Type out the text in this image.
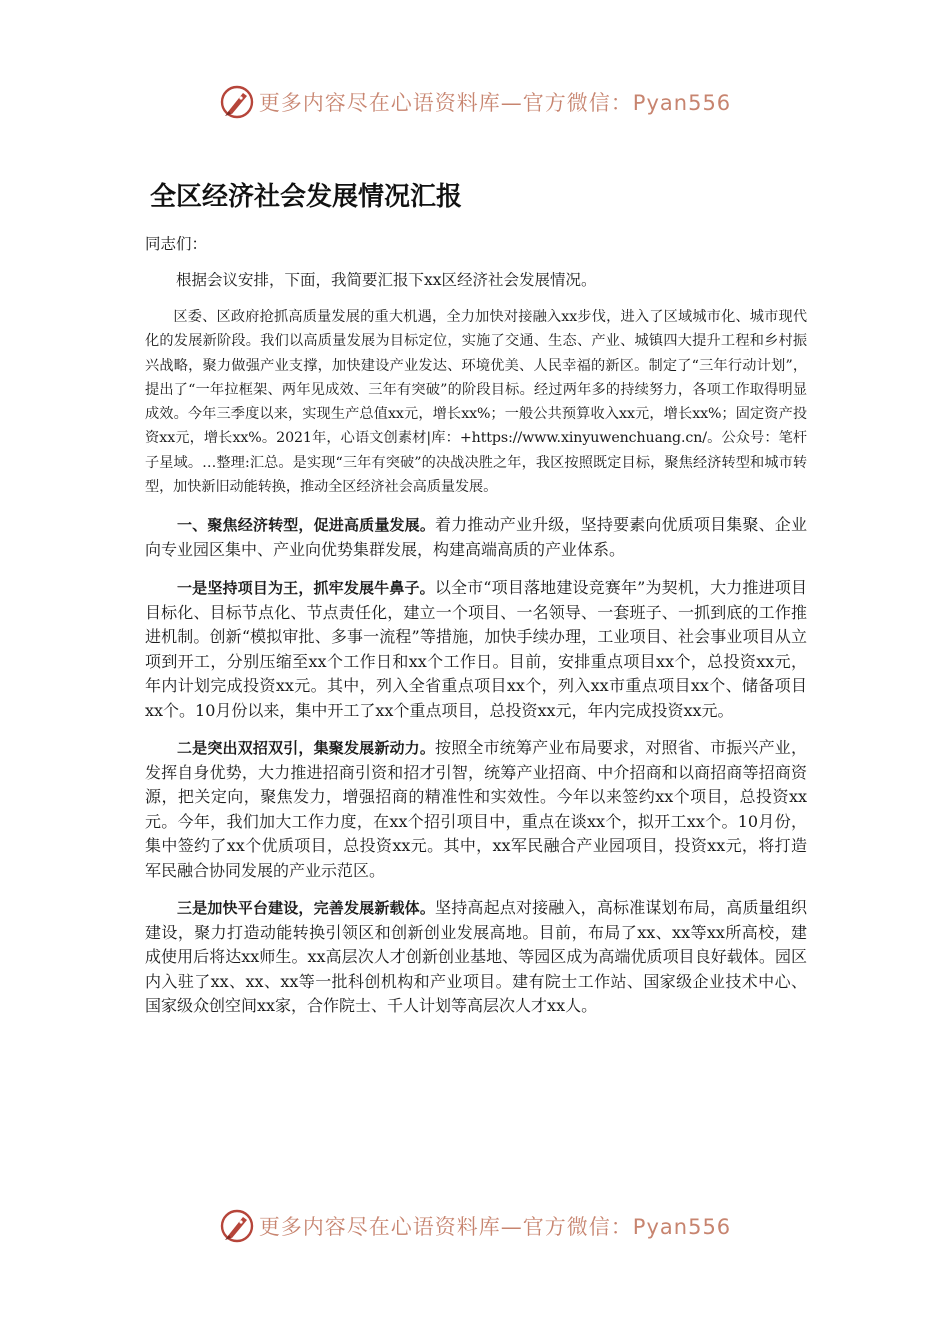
更多内容尽在心语资料库—官方微信：Pyan556
全区经济社会发展情况汇报

同志们：

根据会议安排，下面，我简要汇报下xx区经济社会发展情况。

区委、区政府抢抓高质量发展的重大机遇，全力加快对接融入xx步伐，进入了区域城市化、城市现代化的发展新阶段。我们以高质量发展为目标定位，实施了交通、生态、产业、城镇四大提升工程和乡村振兴战略，聚力做强产业支撑，加快建设产业发达、环境优美、人民幸福的新区。制定了“三年行动计划”，提出了“一年拉框架、两年见成效、三年有突破”的阶段目标。经过两年多的持续努力，各项工作取得明显成效。今年三季度以来，实现生产总值xx元，增长xx%；一般公共预算收入xx元，增长xx%；固定资产投资xx元，增长xx%。2021年，心语文创素材|库：+https://www.xinyuwenchuang.cn/。公众号：笔杆子星域。…整理:汇总。是实现“三年有突破”的决战决胜之年，我区按照既定目标，聚焦经济转型和城市转型，加快新旧动能转换，推动全区经济社会高质量发展。

一、聚焦经济转型，促进高质量发展。着力推动产业升级，坚持要素向优质项目集聚、企业向专业园区集中、产业向优势集群发展，构建高端高质的产业体系。

一是坚持项目为王，抓牢发展牛鼻子。以全市“项目落地建设竞赛年”为契机，大力推进项目目标化、目标节点化、节点责任化，建立一个项目、一名领导、一套班子、一抓到底的工作推进机制。创新“模拟审批、多事一流程”等措施，加快手续办理，工业项目、社会事业项目从立项到开工，分别压缩至xx个工作日和xx个工作日。目前，安排重点项目xx个，总投资xx元，年内计划完成投资xx元。其中，列入全省重点项目xx个，列入xx市重点项目xx个、储备项目xx个。10月份以来，集中开工了xx个重点项目，总投资xx元，年内完成投资xx元。

二是突出双招双引，集聚发展新动力。按照全市统筹产业布局要求，对照省、市振兴产业，发挥自身优势，大力推进招商引资和招才引智，统筹产业招商、中介招商和以商招商等招商资源，把关定向，聚焦发力，增强招商的精准性和实效性。今年以来签约xx个项目，总投资xx元。今年，我们加大工作力度，在xx个招引项目中，重点在谈xx个，拟开工xx个。10月份，集中签约了xx个优质项目，总投资xx元。其中，xx军民融合产业园项目，投资xx元，将打造军民融合协同发展的产业示范区。

三是加快平台建设，完善发展新载体。坚持高起点对接融入，高标准谋划布局，高质量组织建设，聚力打造动能转换引领区和创新创业发展高地。目前，布局了xx、xx等xx所高校，建成使用后将达xx师生。xx高层次人才创新创业基地、等园区成为高端优质项目良好载体。园区内入驻了xx、xx、xx等一批科创机构和产业项目。建有院士工作站、国家级企业技术中心、国家级众创空间xx家，合作院士、千人计划等高层次人才xx人。

更多内容尽在心语资料库—官方微信：Pyan556
